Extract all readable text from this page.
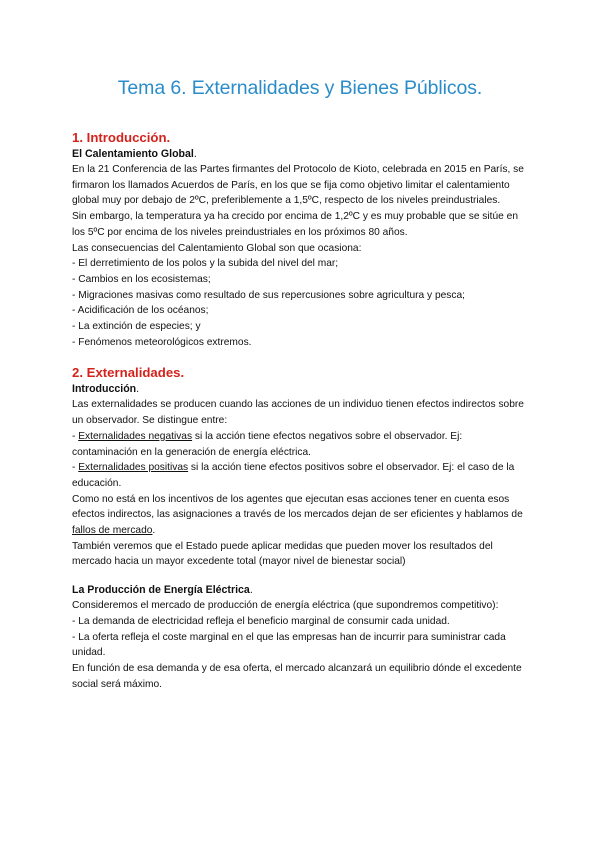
Tema 6. Externalidades y Bienes Públicos.
1. Introducción.

El Calentamiento Global.

En la 21 Conferencia de las Partes firmantes del Protocolo de Kioto, celebrada en 2015 en París, se firmaron los llamados Acuerdos de París, en los que se fija como objetivo limitar el calentamiento global muy por debajo de 2ºC, preferiblemente a 1,5ºC, respecto de los niveles preindustriales.

Sin embargo, la temperatura ya ha crecido por encima de 1,2ºC y es muy probable que se sitúe en los 5ºC por encima de los niveles preindustriales en los próximos 80 años.

Las consecuencias del Calentamiento Global son que ocasiona:

- El derretimiento de los polos y la subida del nivel del mar;

- Cambios en los ecosistemas;

- Migraciones masivas como resultado de sus repercusiones sobre agricultura y pesca;

- Acidificación de los océanos;

- La extinción de especies; y

- Fenómenos meteorológicos extremos.

2. Externalidades.

Introducción.

Las externalidades se producen cuando las acciones de un individuo tienen efectos indirectos sobre un observador. Se distingue entre:

- Externalidades negativas si la acción tiene efectos negativos sobre el observador. Ej: contaminación en la generación de energía eléctrica.

- Externalidades positivas si la acción tiene efectos positivos sobre el observador. Ej: el caso de la educación.

Como no está en los incentivos de los agentes que ejecutan esas acciones tener en cuenta esos efectos indirectos, las asignaciones a través de los mercados dejan de ser eficientes y hablamos de fallos de mercado.

También veremos que el Estado puede aplicar medidas que pueden mover los resultados del mercado hacia un mayor excedente total (mayor nivel de bienestar social)

La Producción de Energía Eléctrica.

Consideremos el mercado de producción de energía eléctrica (que supondremos competitivo):

- La demanda de electricidad refleja el beneficio marginal de consumir cada unidad.

- La oferta refleja el coste marginal en el que las empresas han de incurrir para suministrar cada unidad.

En función de esa demanda y de esa oferta, el mercado alcanzará un equilibrio dónde el excedente social será máximo.
